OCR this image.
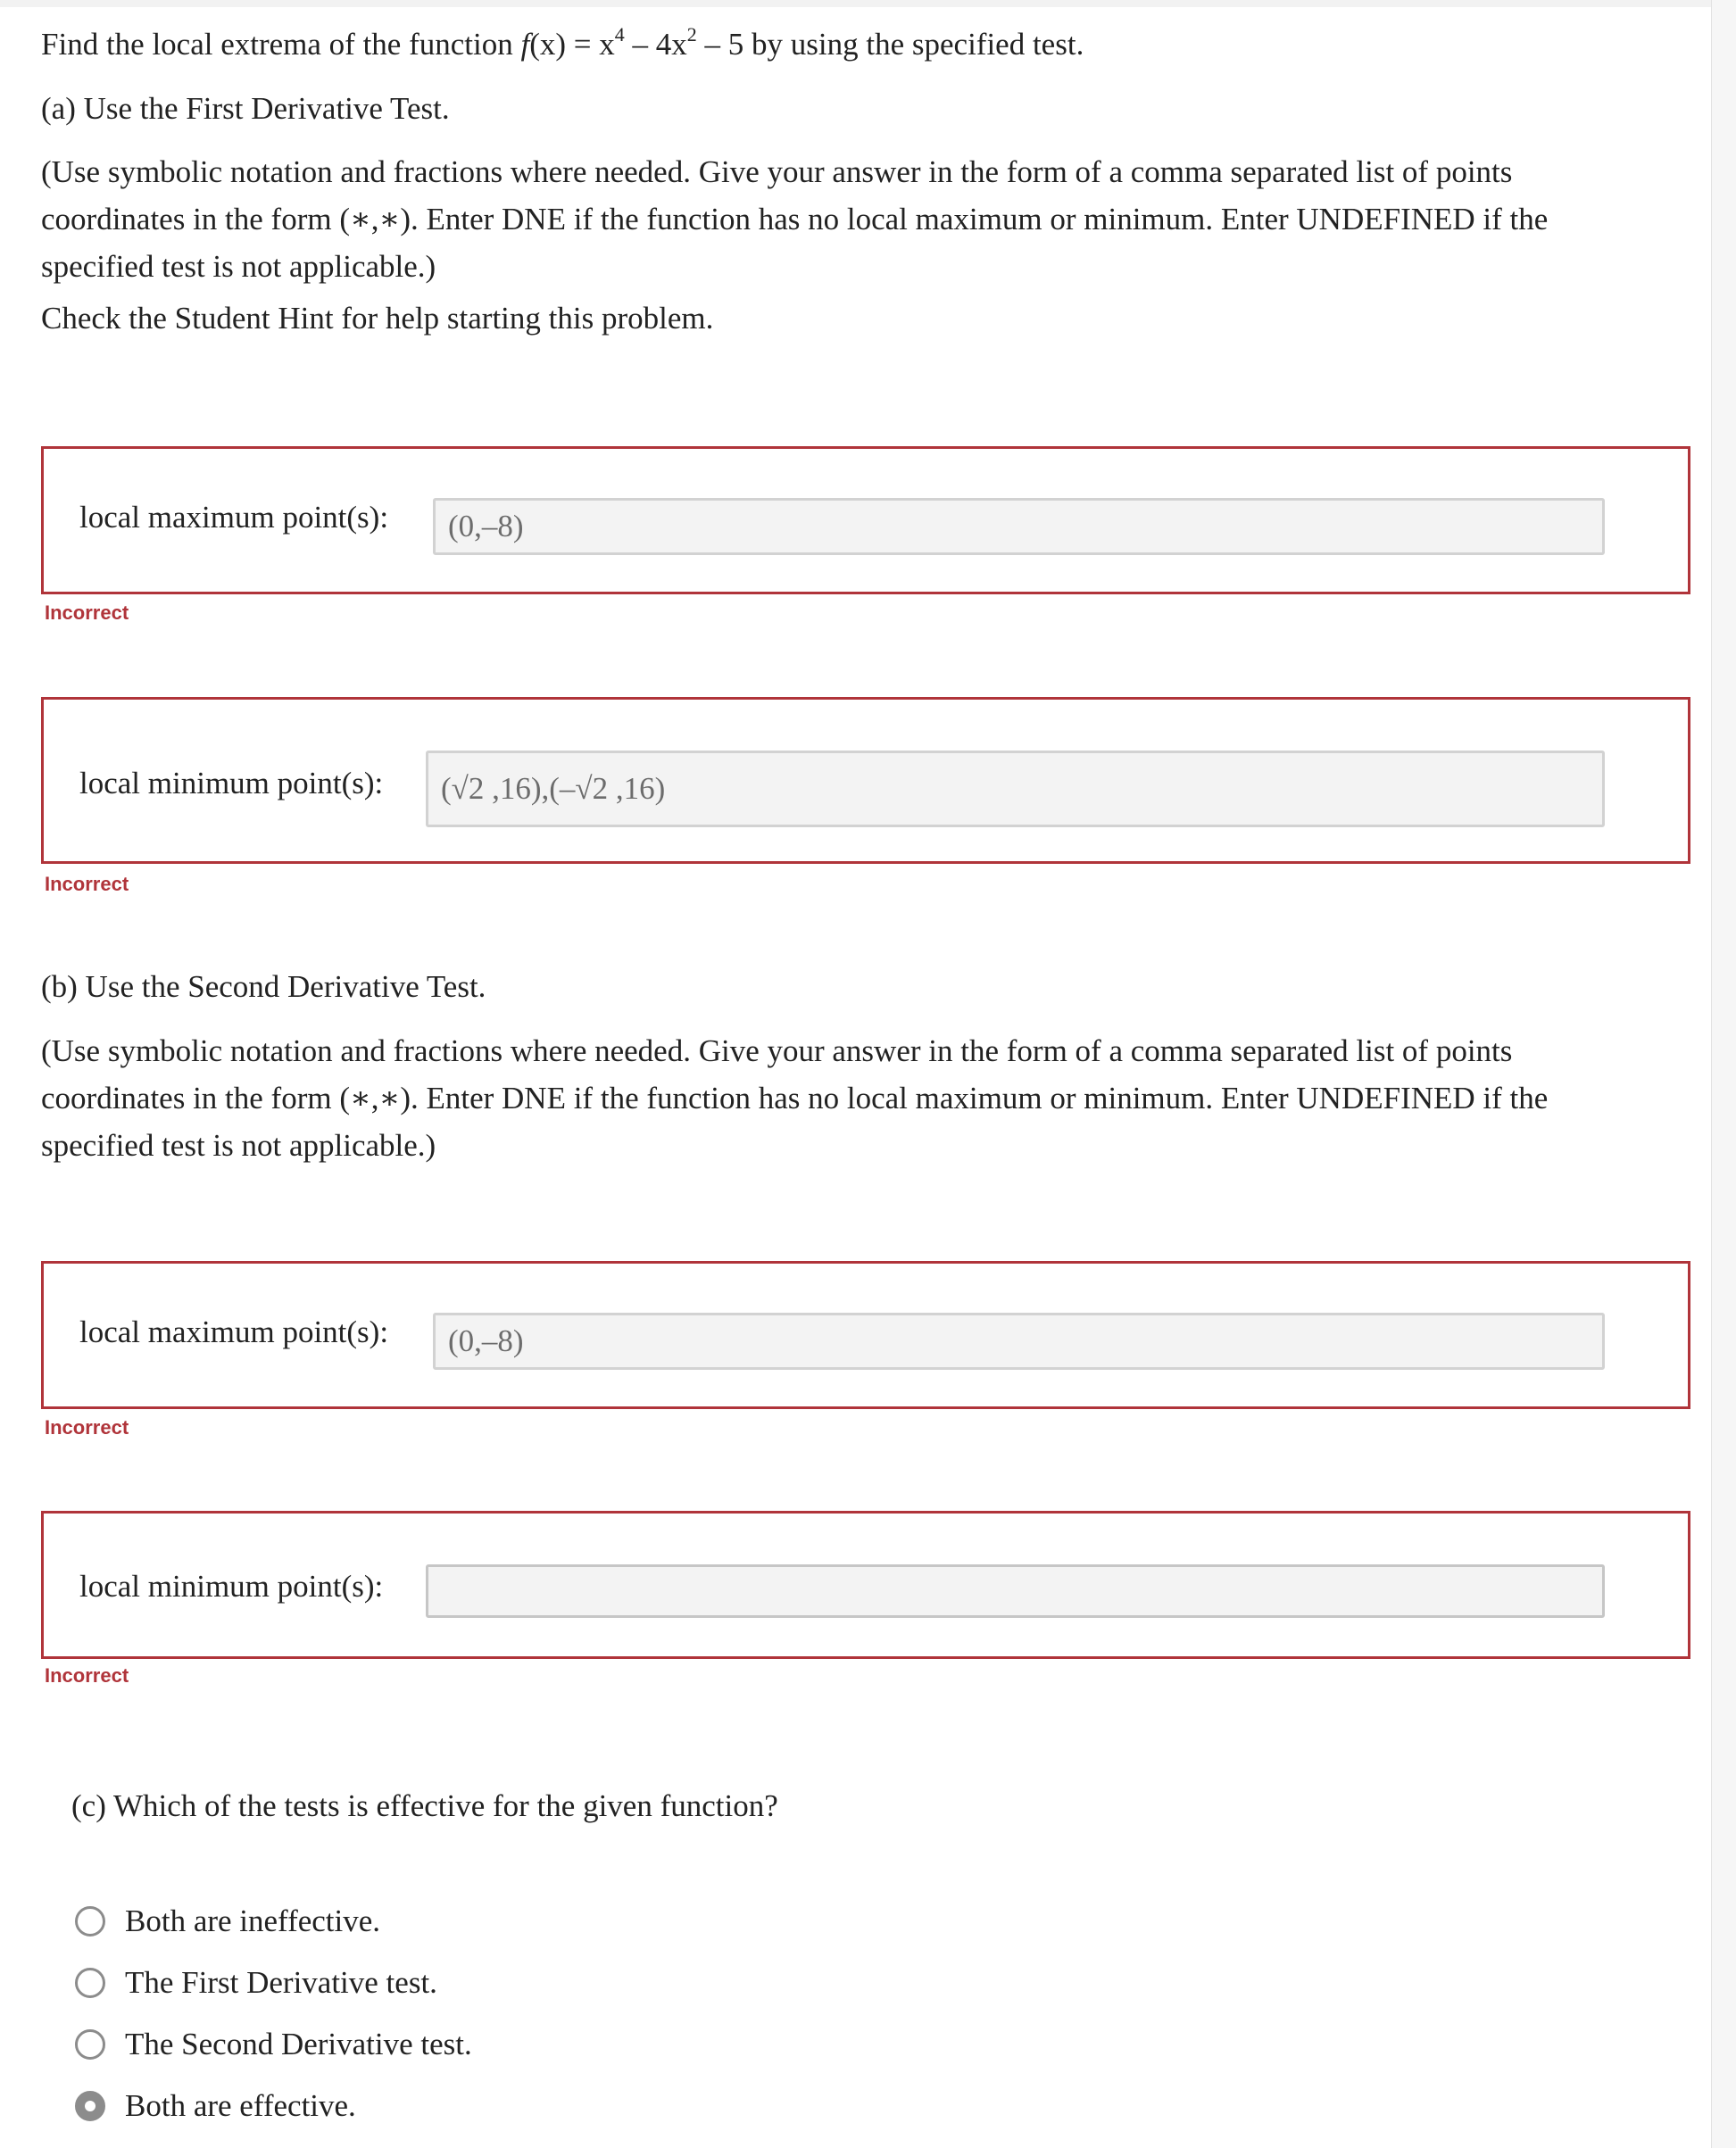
Find the local extrema of the function $f(x) = x^4 - 4x^2 - 5$ by using the specified test.

(a) Use the First Derivative Test.

(Use symbolic notation and fractions where needed. Give your answer in the form of a comma separated list of points coordinates in the form (∗,∗). Enter DNE if the function has no local maximum or minimum. Enter UNDEFINED if the specified test is not applicable.)

Check the Student Hint for help starting this problem.

local maximum point(s):	(0,–8)
Incorrect
local minimum point(s):	(√2 ,16),(–√2 ,16)
Incorrect

(b) Use the Second Derivative Test.

(Use symbolic notation and fractions where needed. Give your answer in the form of a comma separated list of points coordinates in the form (∗,∗). Enter DNE if the function has no local maximum or minimum. Enter UNDEFINED if the specified test is not applicable.)

local maximum point(s):	(0,–8)
Incorrect
local minimum point(s):
Incorrect

(c) Which of the tests is effective for the given function?

Both are ineffective.
The First Derivative test.
The Second Derivative test.
Both are effective.
